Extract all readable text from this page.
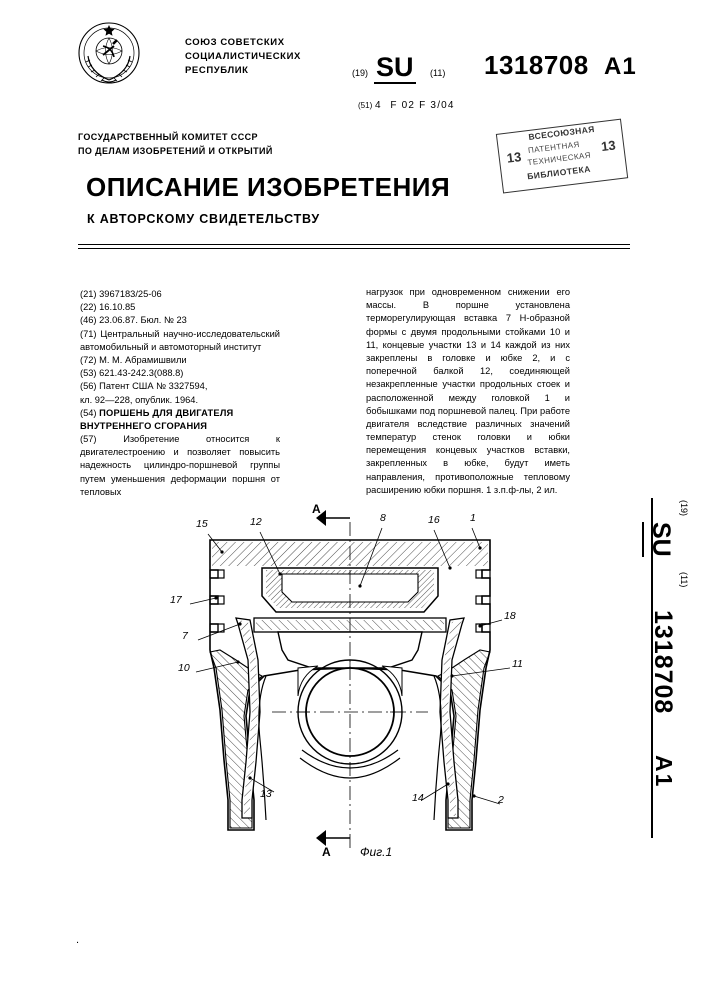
СОЮЗ СОВЕТСКИХ
СОЦИАЛИСТИЧЕСКИХ
РЕСПУБЛИК	(19) SU (11) 1318708 A1
(51) 4 F 02 F 3/04
ГОСУДАРСТВЕННЫЙ КОМИТЕТ СССР
ПО ДЕЛАМ ИЗОБРЕТЕНИЙ И ОТКРЫТИЙ
ОПИСАНИЕ ИЗОБРЕТЕНИЯ
К АВТОРСКОМУ СВИДЕТЕЛЬСТВУ
13
13
ВСЕСОЮЗНАЯ
ПАТЕНТНАЯ
ТЕХНИЧЕСКАЯ
БИБЛИОТЕКА

(21) 3967183/25-06

(22) 16.10.85

(46) 23.06.87. Бюл. № 23

(71) Центральный научно-исследовательский автомобильный и автомоторный институт

(72) М. М. Абрамишвили

(53) 621.43-242.3(088.8)

(56) Патент США № 3327594,

кл. 92—228, опублик. 1964.

(54) ПОРШЕНЬ ДЛЯ ДВИГАТЕЛЯ

ВНУТРЕННЕГО СГОРАНИЯ

(57)	Изобретение относится к двигателестроению и позволяет повысить надежность цилиндро-поршневой группы путем уменьшения деформации поршня от тепловых

нагрузок при одновременном снижении его массы. В поршне установлена терморегулирующая вставка 7 Н-образной формы с двумя продольными стойками 10 и 11, концевые участки 13 и 14 каждой из них закреплены в головке и юбке 2, и с поперечной балкой 12, соединяющей незакрепленные участки продольных стоек и расположенной между головкой 1 и бобышками под поршневой палец. При работе двигателя вследствие различных значений температур стенок головки и юбки перемещения концевых участков вставки, закрепленных в юбке, будут иметь направления, противоположные тепловому расширению юбки поршня. 1 з.п.ф-лы, 2 ил.

(19)
SU
(11)
1318708
A1
15	12	8	16	1
17
18
7
10	11
13	14	2
A
A Фиг.1
.
